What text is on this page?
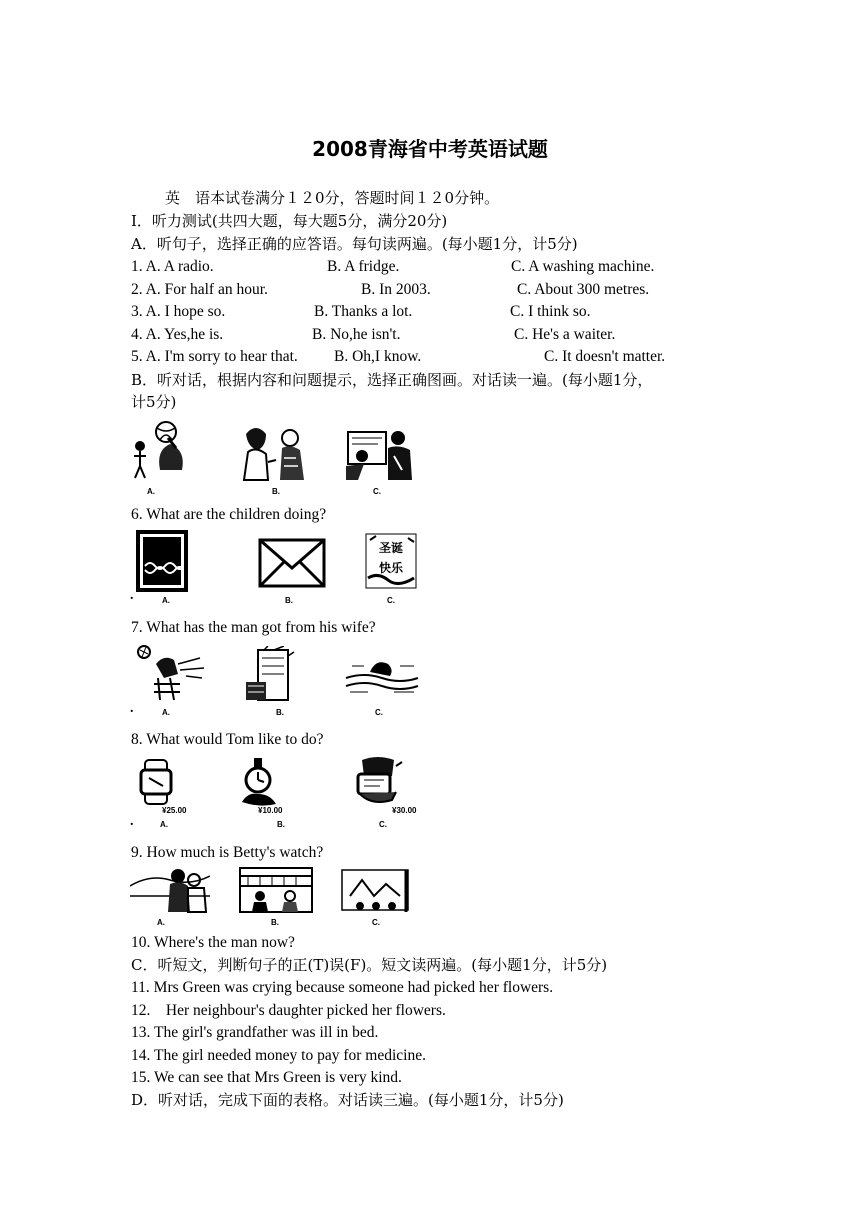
2008青海省中考英语试题
英　语本试卷满分１２0分，答题时间１２0分钟。
Ⅰ．听力测试(共四大题，每大题5分，满分20分)
A．听句子，选择正确的应答语。每句读两遍。(每小题1分，计5分)
1. A. A radio.	B. A fridge.	C. A washing machine.
2. A. For half an hour.	B. In 2003.	C. About 300 metres.
3. A. I hope so.	B. Thanks a lot.	C. I think so.
4. A. Yes,he is.	B. No,he isn't.	C. He's a waiter.
5. A. I'm sorry to hear that. B. Oh,I know.	C. It doesn't matter.
B．听对话，根据内容和问题提示，选择正确图画。对话读一遍。(每小题1分，
计5分)
A.	B.	C.
6. What are the children doing?
.	A.	B.
圣诞
快乐
C.
7. What has the man got from his wife?
.	A.	B.	C.
8. What would Tom like to do?
¥25.00
.	A.
¥10.00
B.
¥30.00
C.
9. How much is Betty's watch?
A.	B.	C.
10. Where's the man now?
C．听短文，判断句子的正(T)误(F)。短文读两遍。(每小题1分，计5分)
11. Mrs Green was crying because someone had picked her flowers.
12.　Her neighbour's daughter picked her flowers.
13. The girl's grandfather was ill in bed.
14. The girl needed money to pay for medicine.
15. We can see that Mrs Green is very kind.
D．听对话，完成下面的表格。对话读三遍。(每小题1分，计5分)
